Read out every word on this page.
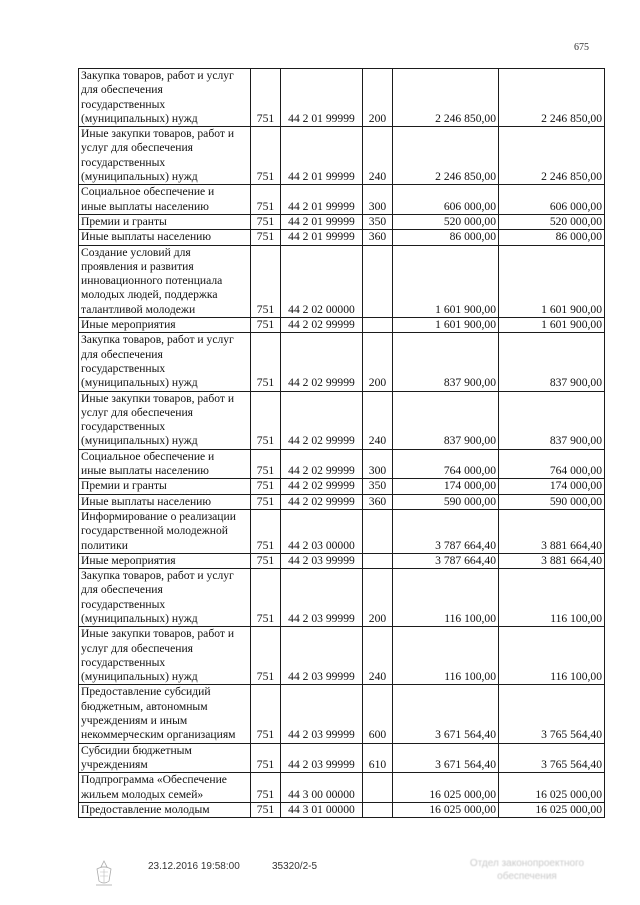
675
Закупка товаров, работ и услуг
для обеспечения
государственных
(муниципальных) нужд	751	44 2 01 99999	200	2 246 850,00	2 246 850,00
Иные закупки товаров, работ и
услуг для обеспечения
государственных
(муниципальных) нужд	751	44 2 01 99999	240	2 246 850,00	2 246 850,00
Социальное обеспечение и
иные выплаты населению	751	44 2 01 99999	300	606 000,00	606 000,00
Премии и гранты	751	44 2 01 99999	350	520 000,00	520 000,00
Иные выплаты населению	751	44 2 01 99999	360	86 000,00	86 000,00
Создание условий для
проявления и развития
инновационного потенциала
молодых людей, поддержка
талантливой молодежи	751	44 2 02 00000		1 601 900,00	1 601 900,00
Иные мероприятия	751	44 2 02 99999		1 601 900,00	1 601 900,00
Закупка товаров, работ и услуг
для обеспечения
государственных
(муниципальных) нужд	751	44 2 02 99999	200	837 900,00	837 900,00
Иные закупки товаров, работ и
услуг для обеспечения
государственных
(муниципальных) нужд	751	44 2 02 99999	240	837 900,00	837 900,00
Социальное обеспечение и
иные выплаты населению	751	44 2 02 99999	300	764 000,00	764 000,00
Премии и гранты	751	44 2 02 99999	350	174 000,00	174 000,00
Иные выплаты населению	751	44 2 02 99999	360	590 000,00	590 000,00
Информирование о реализации
государственной молодежной
политики	751	44 2 03 00000		3 787 664,40	3 881 664,40
Иные мероприятия	751	44 2 03 99999		3 787 664,40	3 881 664,40
Закупка товаров, работ и услуг
для обеспечения
государственных
(муниципальных) нужд	751	44 2 03 99999	200	116 100,00	116 100,00
Иные закупки товаров, работ и
услуг для обеспечения
государственных
(муниципальных) нужд	751	44 2 03 99999	240	116 100,00	116 100,00
Предоставление субсидий
бюджетным, автономным
учреждениям и иным
некоммерческим организациям	751	44 2 03 99999	600	3 671 564,40	3 765 564,40
Субсидии бюджетным
учреждениям	751	44 2 03 99999	610	3 671 564,40	3 765 564,40
Подпрограмма «Обеспечение
жильем молодых семей»	751	44 3 00 00000		16 025 000,00	16 025 000,00
Предоставление молодым	751	44 3 01 00000		16 025 000,00	16 025 000,00
23.12.2016 19:58:00	35320/2-5	Отдел законопроектного
обеспечения
